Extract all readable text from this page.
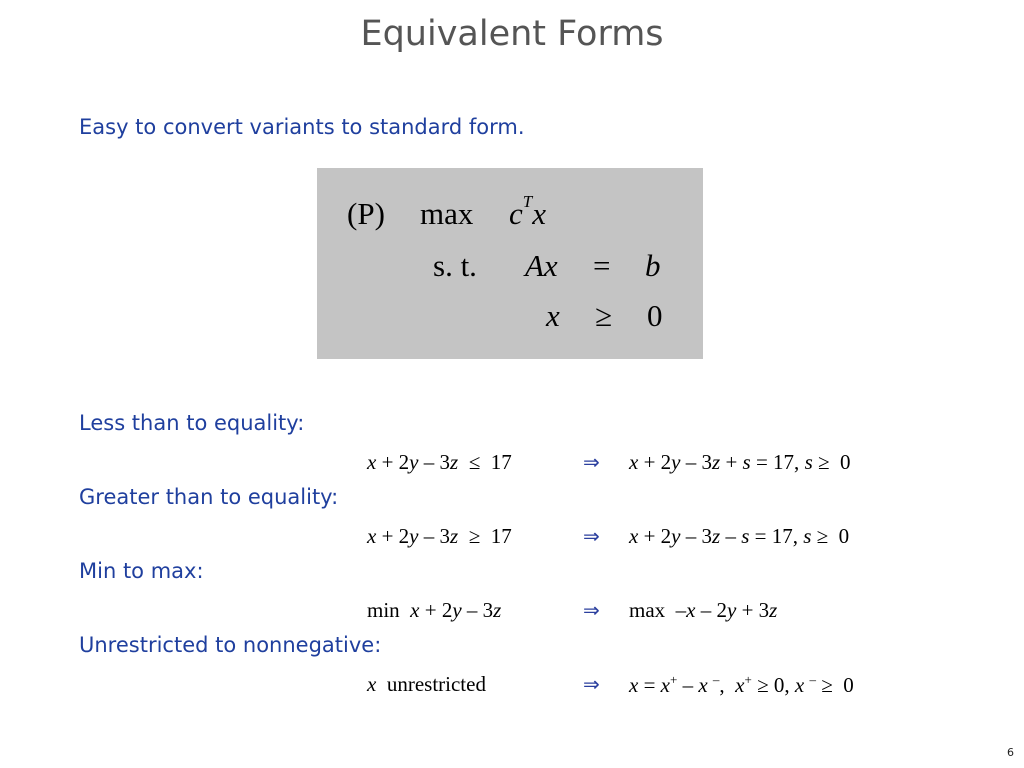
Equivalent Forms
Easy to convert variants to standard form.
(P) $\max c^Tx$
s. t. Ax = b
x ≥ 0
Less than to equality:
x + 2y – 3z  ≤  17	⇒ x + 2y – 3z + s = 17, s ≥  0
Greater than to equality:
x + 2y – 3z  ≥  17	⇒ x + 2y – 3z – s = 17, s ≥  0
Min to max:
min  x + 2y – 3z	⇒ max  –x – 2y + 3z
Unrestricted to nonnegative:
x  unrestricted	⇒ x = x+ – x –,  x+ ≥ 0, x – ≥  0
6
